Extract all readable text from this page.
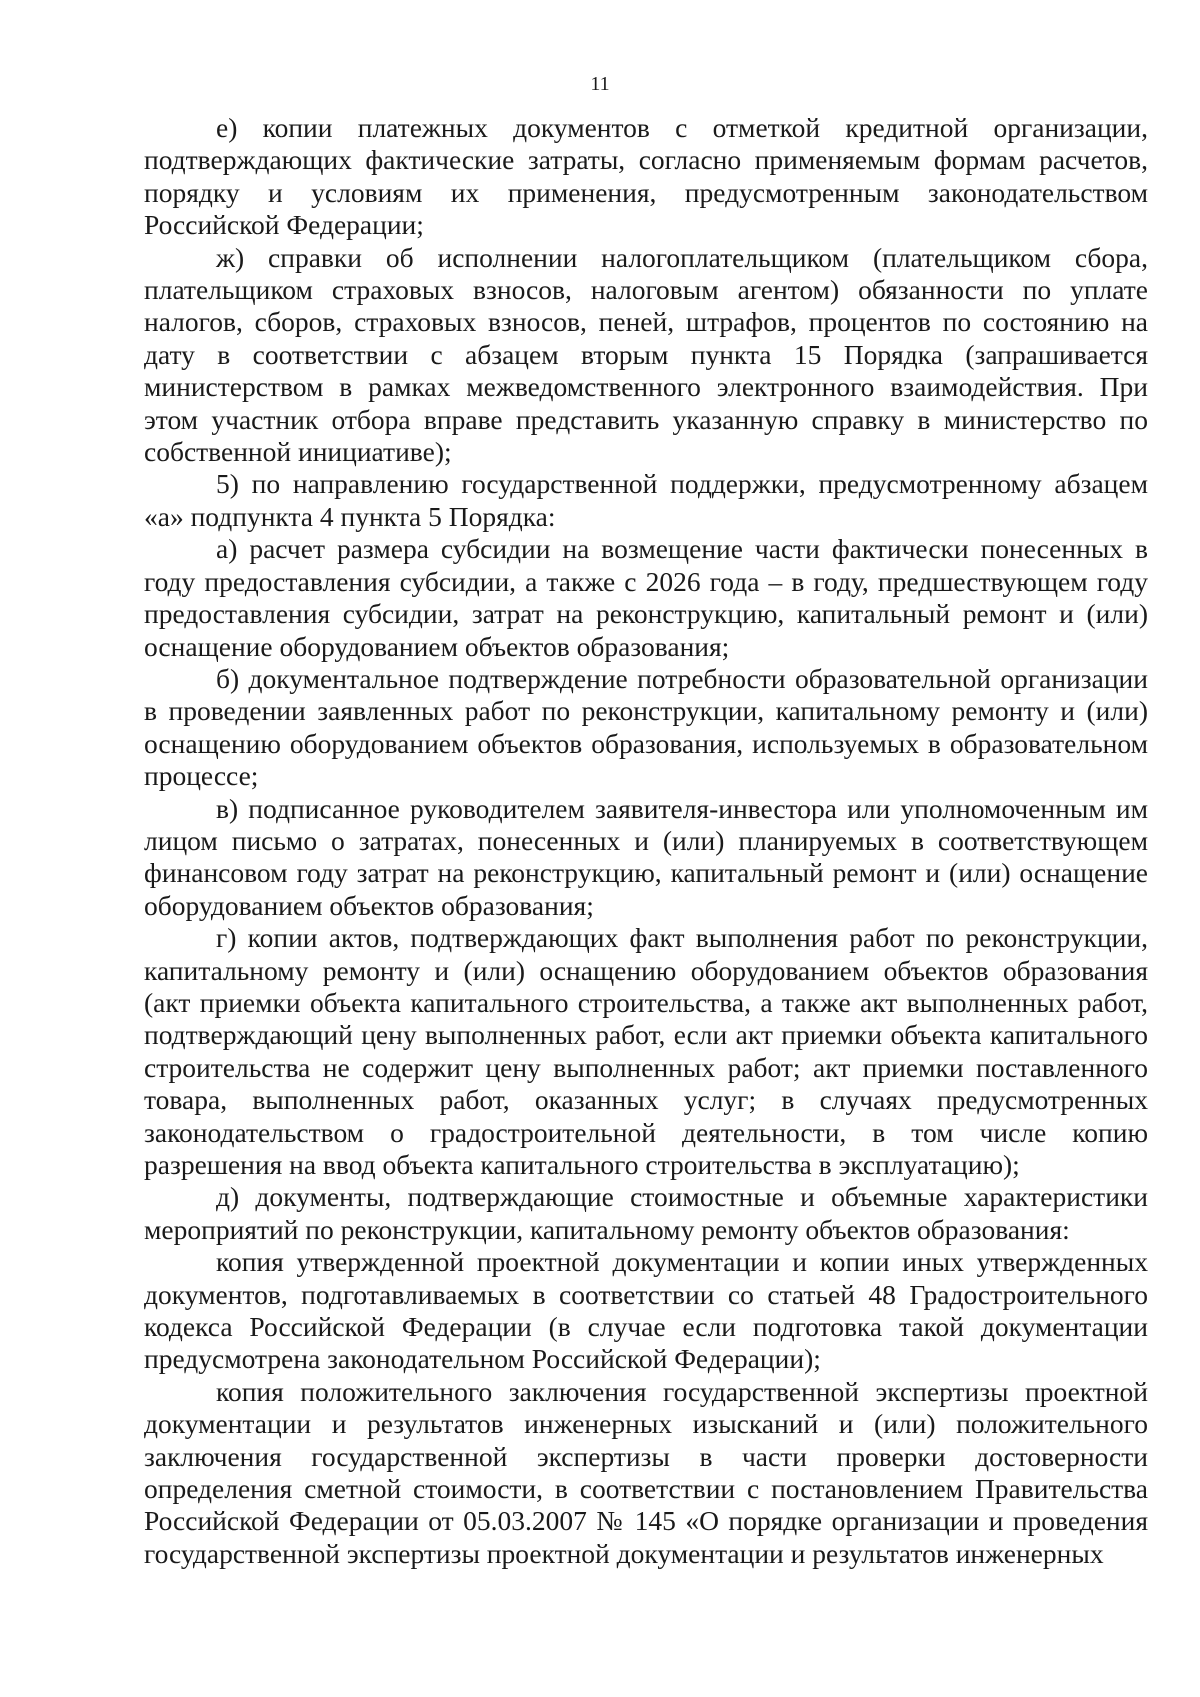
11

е) копии платежных документов с отметкой кредитной организации, подтверждающих фактические затраты, согласно применяемым формам расчетов, порядку и условиям их применения, предусмотренным законодательством Российской Федерации;

ж) справки об исполнении налогоплательщиком (плательщиком сбора, плательщиком страховых взносов, налоговым агентом) обязанности по уплате налогов, сборов, страховых взносов, пеней, штрафов, процентов по состоянию на дату в соответствии с абзацем вторым пункта 15 Порядка (запрашивается министерством в рамках межведомственного электронного взаимодействия. При этом участник отбора вправе представить указанную справку в министерство по собственной инициативе);

5) по направлению государственной поддержки, предусмотренному абзацем «а» подпункта 4 пункта 5 Порядка:

а) расчет размера субсидии на возмещение части фактически понесенных в году предоставления субсидии, а также с 2026 года – в году, предшествующем году предоставления субсидии, затрат на реконструкцию, капитальный ремонт и (или) оснащение оборудованием объектов образования;

б) документальное подтверждение потребности образовательной организации в проведении заявленных работ по реконструкции, капитальному ремонту и (или) оснащению оборудованием объектов образования, используемых в образовательном процессе;

в) подписанное руководителем заявителя-инвестора или уполномоченным им лицом письмо о затратах, понесенных и (или) планируемых в соответствующем финансовом году затрат на реконструкцию, капитальный ремонт и (или) оснащение оборудованием объектов образования;

г) копии актов, подтверждающих факт выполнения работ по реконструкции, капитальному ремонту и (или) оснащению оборудованием объектов образования (акт приемки объекта капитального строительства, а также акт выполненных работ, подтверждающий цену выполненных работ, если акт приемки объекта капитального строительства не содержит цену выполненных работ; акт приемки поставленного товара, выполненных работ, оказанных услуг; в случаях предусмотренных законодательством о градостроительной деятельности, в том числе копию разрешения на ввод объекта капитального строительства в эксплуатацию);

д) документы, подтверждающие стоимостные и объемные характеристики мероприятий по реконструкции, капитальному ремонту объектов образования:

копия утвержденной проектной документации и копии иных утвержденных документов, подготавливаемых в соответствии со статьей 48 Градостроительного кодекса Российской Федерации (в случае если подготовка такой документации предусмотрена законодательном Российской Федерации);

копия положительного заключения государственной экспертизы проектной документации и результатов инженерных изысканий и (или) положительного заключения государственной экспертизы в части проверки достоверности определения сметной стоимости, в соответствии с постановлением Правительства Российской Федерации от 05.03.2007 № 145 «О порядке организации и проведения государственной экспертизы проектной документации и результатов инженерных
